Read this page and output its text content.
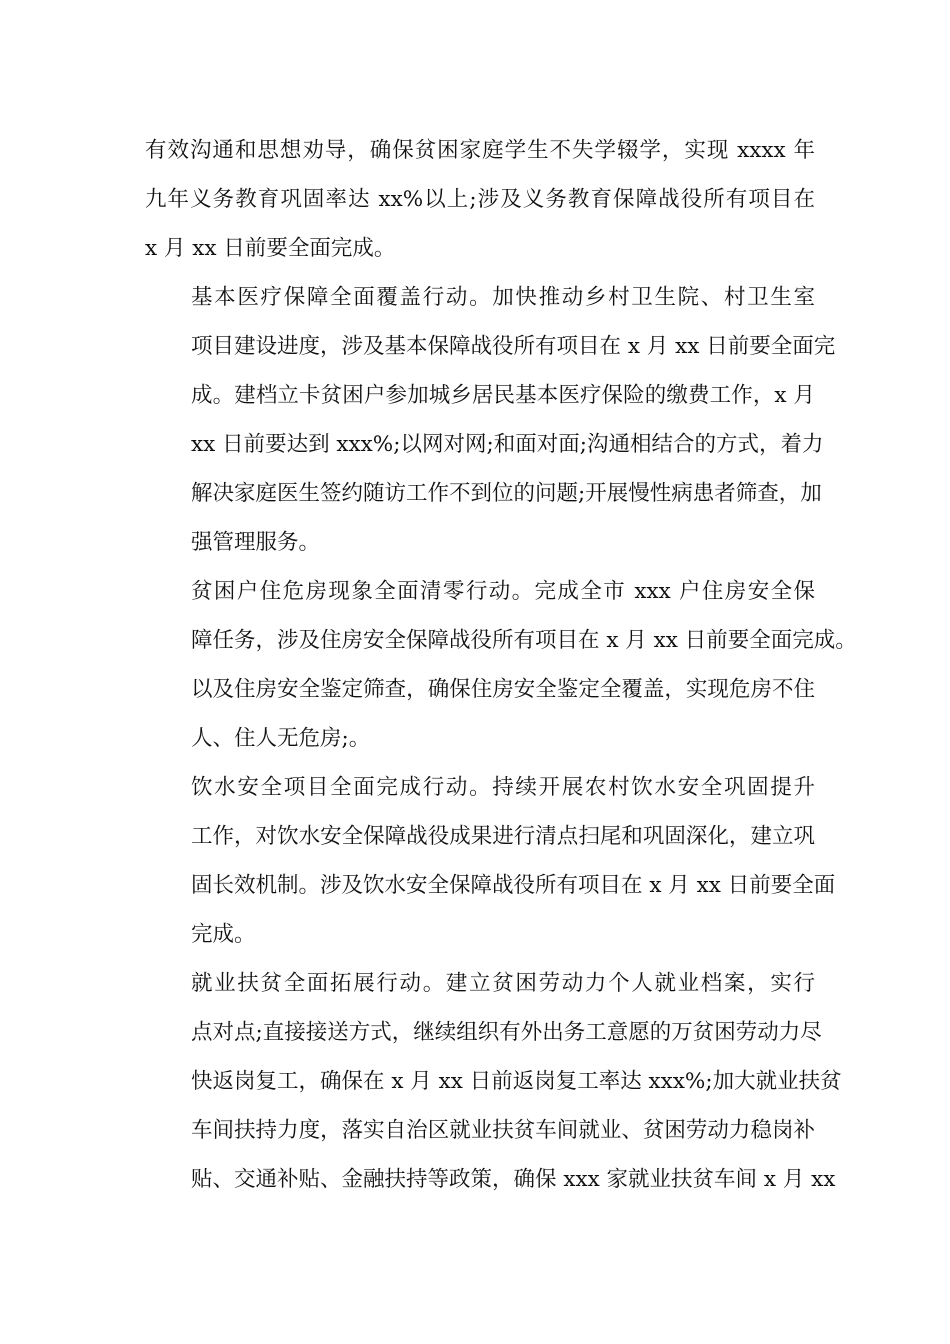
有效沟通和思想劝导，确保贫困家庭学生不失学辍学，实现 xxxx 年
九年义务教育巩固率达 xx%以上;涉及义务教育保障战役所有项目在
x 月 xx 日前要全面完成。
基本医疗保障全面覆盖行动。加快推动乡村卫生院、村卫生室
项目建设进度，涉及基本保障战役所有项目在 x 月 xx 日前要全面完
成。建档立卡贫困户参加城乡居民基本医疗保险的缴费工作，x 月
xx 日前要达到 xxx%;以网对网;和面对面;沟通相结合的方式，着力
解决家庭医生签约随访工作不到位的问题;开展慢性病患者筛查，加
强管理服务。
贫困户住危房现象全面清零行动。完成全市 xxx 户住房安全保
障任务，涉及住房安全保障战役所有项目在 x 月 xx 日前要全面完成。
以及住房安全鉴定筛查，确保住房安全鉴定全覆盖，实现危房不住
人、住人无危房;。
饮水安全项目全面完成行动。持续开展农村饮水安全巩固提升
工作，对饮水安全保障战役成果进行清点扫尾和巩固深化，建立巩
固长效机制。涉及饮水安全保障战役所有项目在 x 月 xx 日前要全面
完成。
就业扶贫全面拓展行动。建立贫困劳动力个人就业档案，实行
点对点;直接接送方式，继续组织有外出务工意愿的万贫困劳动力尽
快返岗复工，确保在 x 月 xx 日前返岗复工率达 xxx%;加大就业扶贫
车间扶持力度，落实自治区就业扶贫车间就业、贫困劳动力稳岗补
贴、交通补贴、金融扶持等政策，确保 xxx 家就业扶贫车间 x 月 xx
